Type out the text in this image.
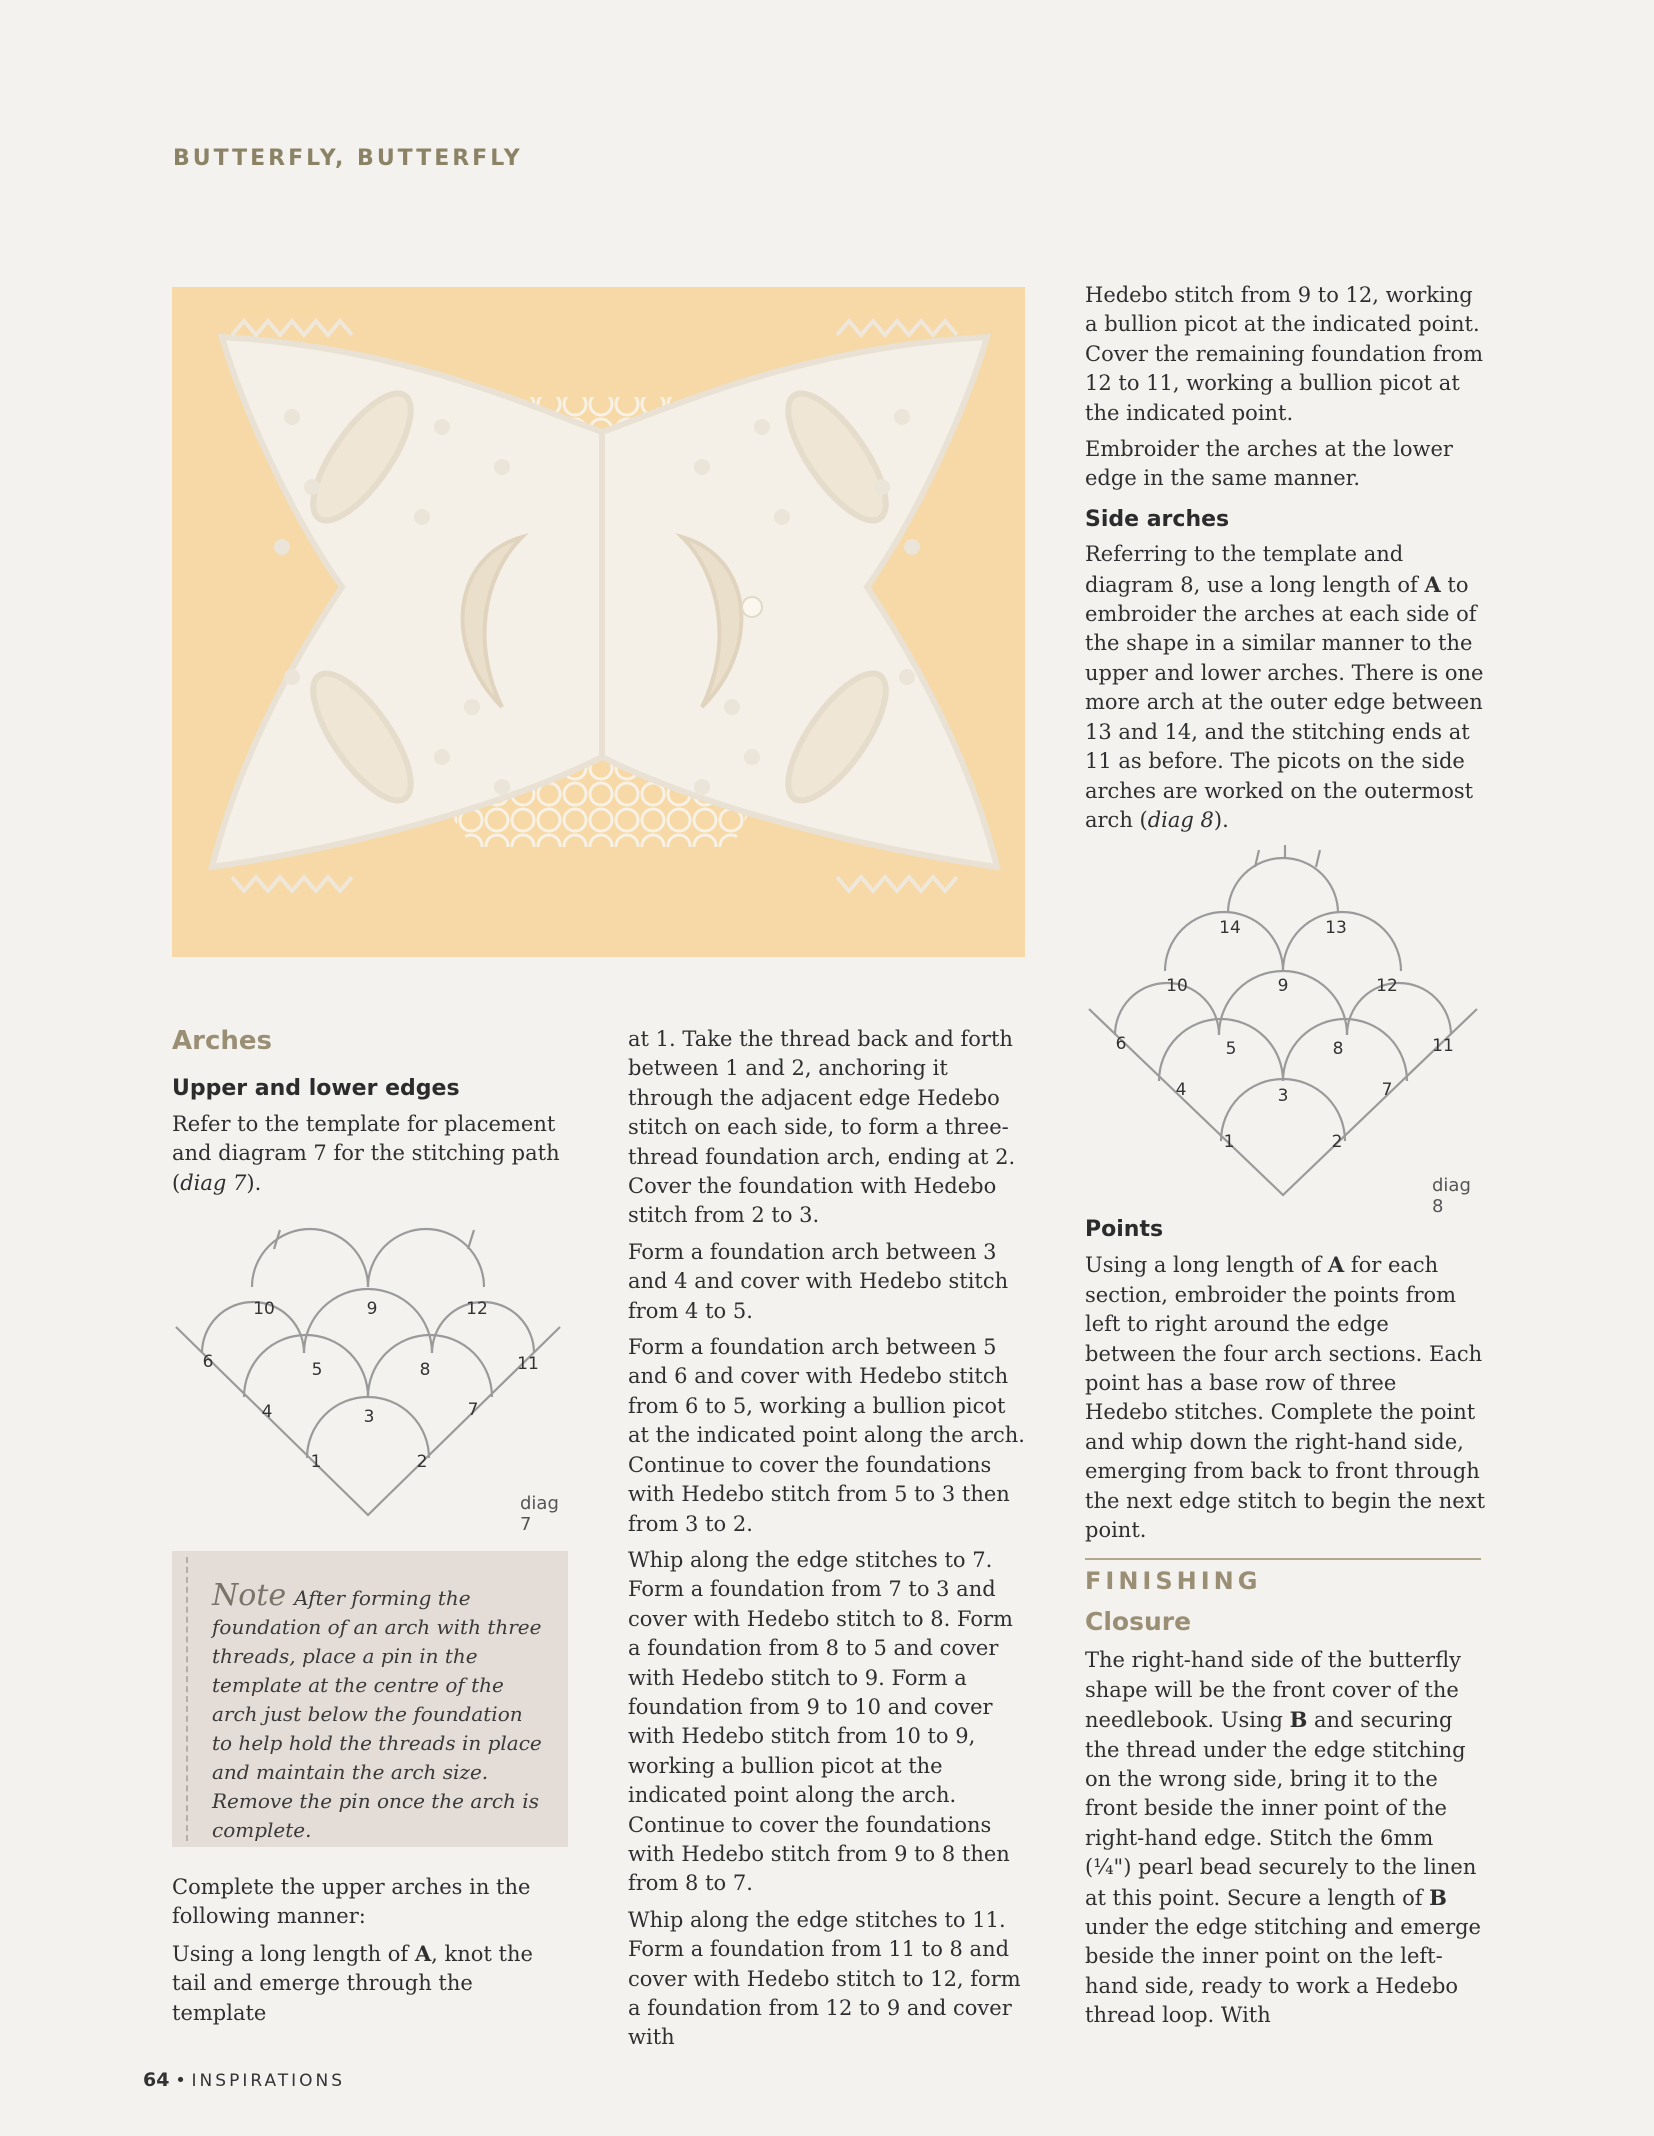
BUTTERFLY, BUTTERFLY
Arches
Upper and lower edges

Refer to the template for placement and diagram 7 for the stitching path (diag 7).

1	2
3
4
5
6
7
8
9
10
11
12
diag 7
Note After forming the foundation of an arch with three threads, place a pin in the template at the centre of the arch just below the foundation to help hold the threads in place and maintain the arch size. Remove the pin once the arch is complete.

Complete the upper arches in the following manner:

Using a long length of A, knot the tail and emerge through the template

at 1. Take the thread back and forth between 1 and 2, anchoring it through the adjacent edge Hedebo stitch on each side, to form a three-thread foundation arch, ending at 2. Cover the foundation with Hedebo stitch from 2 to 3.

Form a foundation arch between 3 and 4 and cover with Hedebo stitch from 4 to 5.

Form a foundation arch between 5 and 6 and cover with Hedebo stitch from 6 to 5, working a bullion picot at the indicated point along the arch. Continue to cover the foundations with Hedebo stitch from 5 to 3 then from 3 to 2.

Whip along the edge stitches to 7. Form a foundation from 7 to 3 and cover with Hedebo stitch to 8. Form a foundation from 8 to 5 and cover with Hedebo stitch to 9. Form a foundation from 9 to 10 and cover with Hedebo stitch from 10 to 9, working a bullion picot at the indicated point along the arch. Continue to cover the foundations with Hedebo stitch from 9 to 8 then from 8 to 7.

Whip along the edge stitches to 11. Form a foundation from 11 to 8 and cover with Hedebo stitch to 12, form a foundation from 12 to 9 and cover with

Hedebo stitch from 9 to 12, working a bullion picot at the indicated point. Cover the remaining foundation from 12 to 11, working a bullion picot at the indicated point.

Embroider the arches at the lower edge in the same manner.

Side arches

Referring to the template and diagram 8, use a long length of A to embroider the arches at each side of the shape in a similar manner to the upper and lower arches. There is one more arch at the outer edge between 13 and 14, and the stitching ends at 11 as before. The picots on the side arches are worked on the outermost arch (diag 8).

1	2
3
4
5
6
7
8
9
10
11
12
13
14
diag 8
Points

Using a long length of A for each section, embroider the points from left to right around the edge between the four arch sections. Each point has a base row of three Hedebo stitches. Complete the point and whip down the right-hand side, emerging from back to front through the next edge stitch to begin the next point.

FINISHING
Closure

The right-hand side of the butterfly shape will be the front cover of the needlebook. Using B and securing the thread under the edge stitching on the wrong side, bring it to the front beside the inner point of the right-hand edge. Stitch the 6mm (¼") pearl bead securely to the linen at this point. Secure a length of B under the edge stitching and emerge beside the inner point on the left-hand side, ready to work a Hedebo thread loop. With

64 • INSPIRATIONS
